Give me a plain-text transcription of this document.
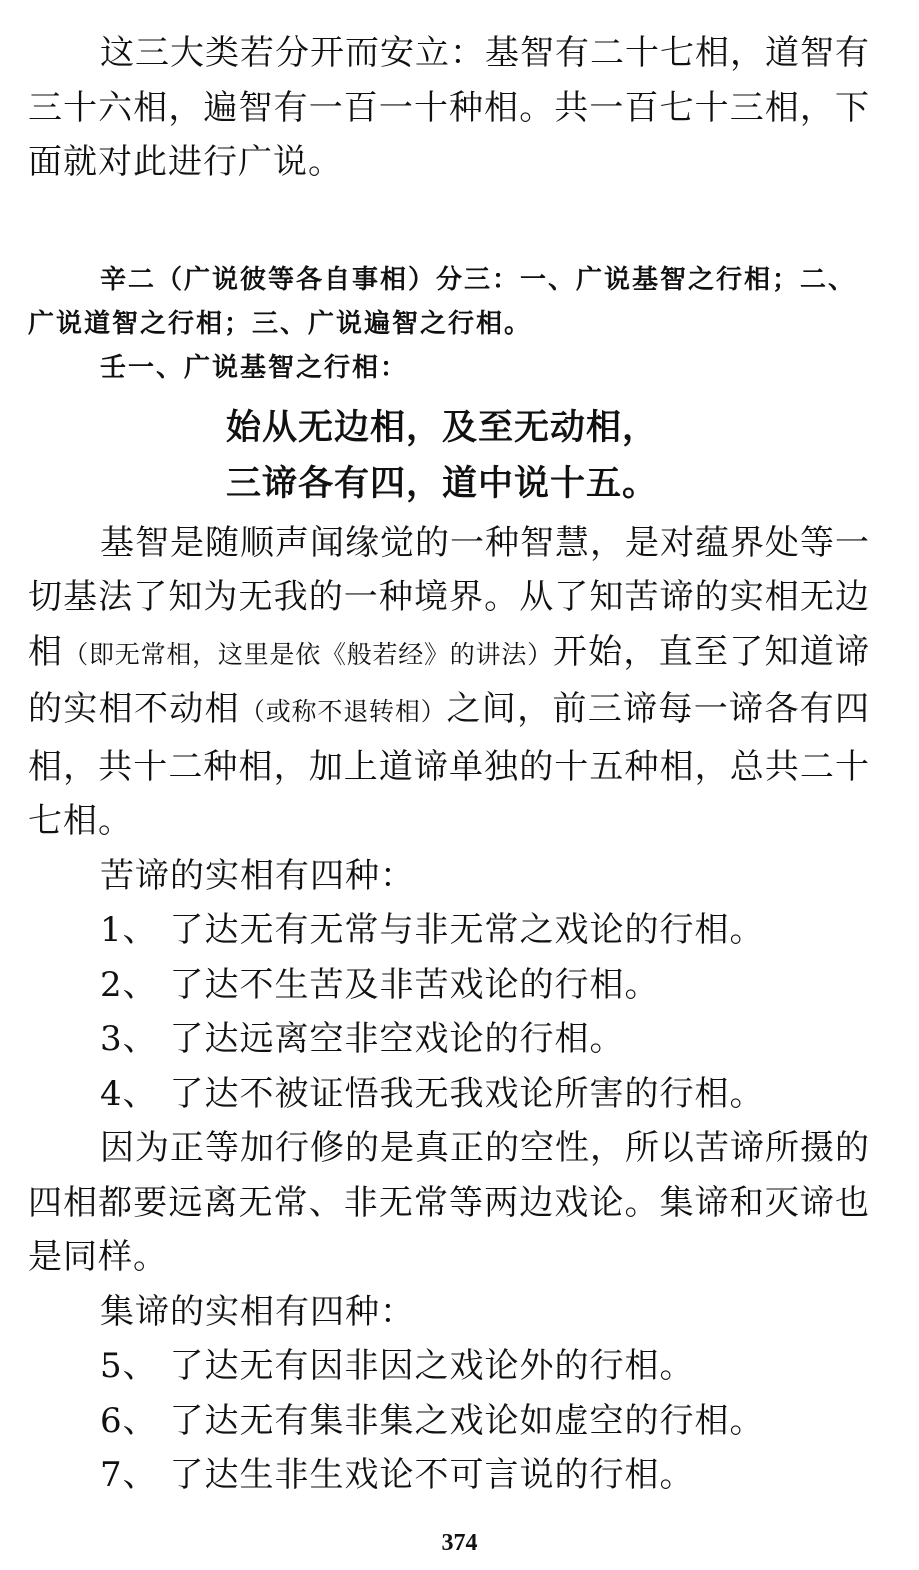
这三大类若分开而安立：基智有二十七相，道智有三十六相，遍智有一百一十种相。共一百七十三相，下面就对此进行广说。

辛二（广说彼等各自事相）分三：一、广说基智之行相；二、广说道智之行相；三、广说遍智之行相。

壬一、广说基智之行相：

始从无边相，及至无动相，

三谛各有四，道中说十五。

基智是随顺声闻缘觉的一种智慧，是对蕴界处等一切基法了知为无我的一种境界。从了知苦谛的实相无边相（即无常相，这里是依《般若经》的讲法）开始，直至了知道谛的实相不动相（或称不退转相）之间，前三谛每一谛各有四相，共十二种相，加上道谛单独的十五种相，总共二十七相。

苦谛的实相有四种：

1、 了达无有无常与非无常之戏论的行相。

2、 了达不生苦及非苦戏论的行相。

3、 了达远离空非空戏论的行相。

4、 了达不被证悟我无我戏论所害的行相。

因为正等加行修的是真正的空性，所以苦谛所摄的四相都要远离无常、非无常等两边戏论。集谛和灭谛也是同样。

集谛的实相有四种：

5、 了达无有因非因之戏论外的行相。

6、 了达无有集非集之戏论如虚空的行相。

7、 了达生非生戏论不可言说的行相。

374
